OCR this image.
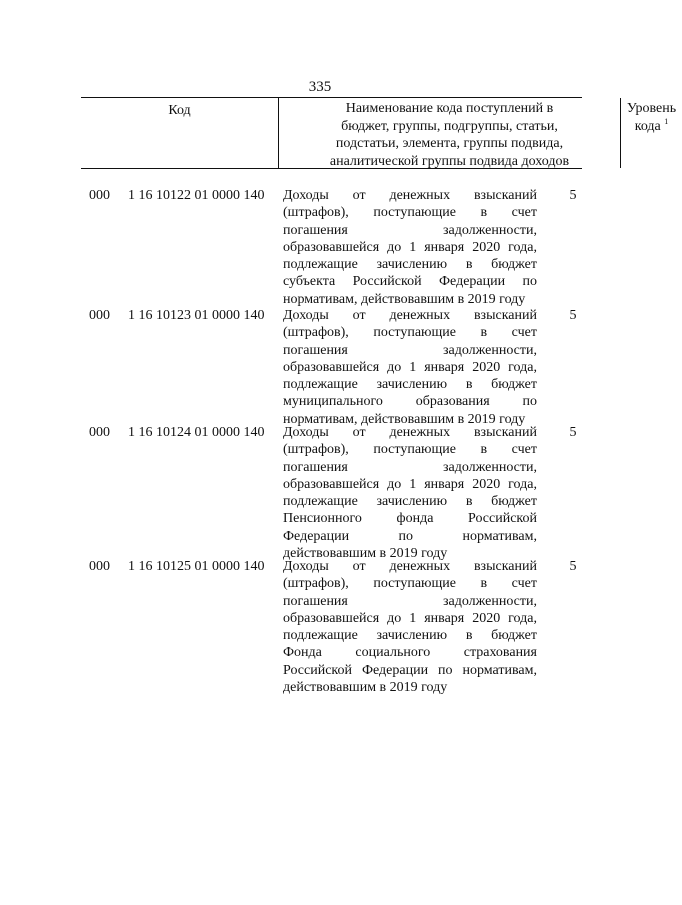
335
Код	Наименование кода поступлений в
бюджет, группы, подгруппы, статьи,
подстатьи, элемента, группы подвида,
аналитической группы подвида доходов
Уровень
кода $^1$
000 1 16 10122 01 0000 140 Доходы от денежных взысканий
(штрафов), поступающие в счет
погашения задолженности,
образовавшейся до 1 января 2020 года,
подлежащие зачислению в бюджет
субъекта Российской Федерации по
нормативам, действовавшим в 2019 году
5
000 1 16 10123 01 0000 140 Доходы от денежных взысканий
(штрафов), поступающие в счет
погашения задолженности,
образовавшейся до 1 января 2020 года,
подлежащие зачислению в бюджет
муниципального образования по
нормативам, действовавшим в 2019 году
5
000 1 16 10124 01 0000 140 Доходы от денежных взысканий
(штрафов), поступающие в счет
погашения задолженности,
образовавшейся до 1 января 2020 года,
подлежащие зачислению в бюджет
Пенсионного фонда Российской
Федерации по нормативам,
действовавшим в 2019 году
5
000 1 16 10125 01 0000 140 Доходы от денежных взысканий
(штрафов), поступающие в счет
погашения задолженности,
образовавшейся до 1 января 2020 года,
подлежащие зачислению в бюджет
Фонда социального страхования
Российской Федерации по нормативам,
действовавшим в 2019 году
5
